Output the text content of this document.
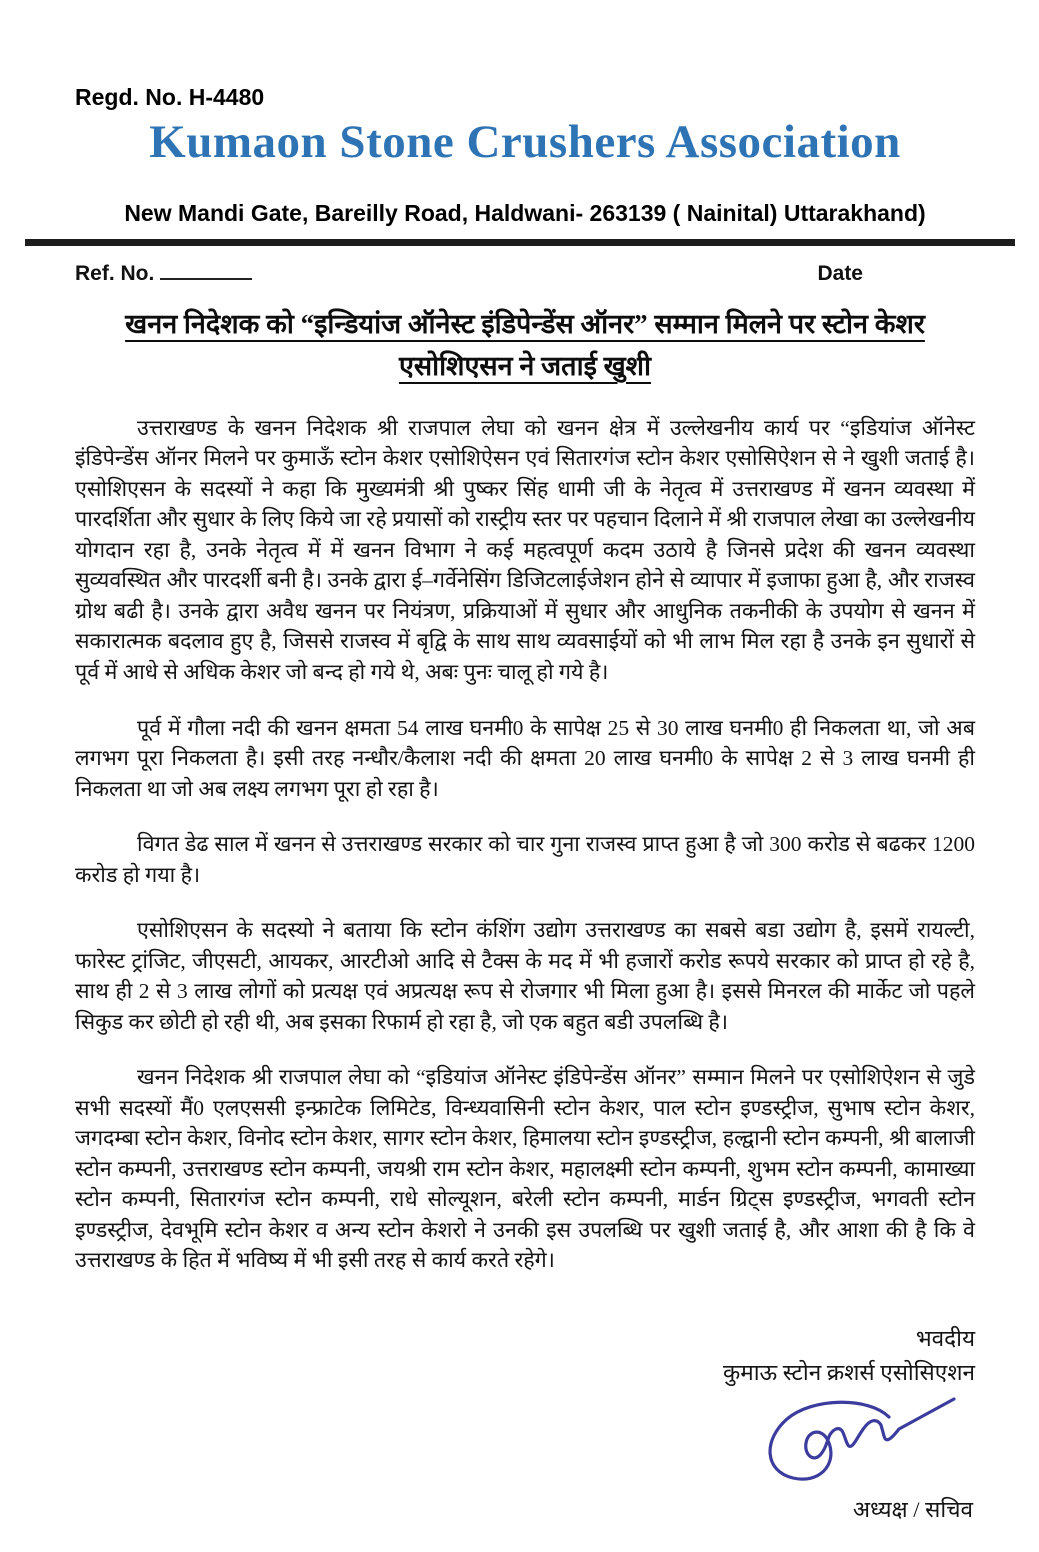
Regd. No. H-4480
Kumaon Stone Crushers Association
New Mandi Gate, Bareilly Road, Haldwani- 263139 ( Nainital) Uttarakhand)
Ref. No.	Date
खनन निदेशक को “इन्डियांज ऑनेस्ट इंडिपेन्डेंस ऑनर” सम्मान मिलने पर स्टोन केशर एसोशिएसन ने जताई खुशी

उत्तराखण्ड के खनन निदेशक श्री राजपाल लेघा को खनन क्षेत्र में उल्लेखनीय कार्य पर “इडियांज ऑनेस्ट इंडिपेन्डेंस ऑनर मिलने पर कुमाऊँ स्टोन केशर एसोशिऐसन एवं सितारगंज स्टोन केशर एसोसिऐशन से ने खुशी जताई है। एसोशिएसन के सदस्यों ने कहा कि मुख्यमंत्री श्री पुष्कर सिंह धामी जी के नेतृत्व में उत्तराखण्ड में खनन व्यवस्था में पारदर्शिता और सुधार के लिए किये जा रहे प्रयासों को रास्ट्रीय स्तर पर पहचान दिलाने में श्री राजपाल लेखा का उल्लेखनीय योगदान रहा है, उनके नेतृत्व में में खनन विभाग ने कई महत्वपूर्ण कदम उठाये है जिनसे प्रदेश की खनन व्यवस्था सुव्यवस्थित और पारदर्शी बनी है। उनके द्वारा ई–गर्वेनेसिंग डिजिटलाईजेशन होने से व्यापार में इजाफा हुआ है, और राजस्व ग्रोथ बढी है। उनके द्वारा अवैध खनन पर नियंत्रण, प्रक्रियाओं में सुधार और आधुनिक तकनीकी के उपयोग से खनन में सकारात्मक बदलाव हुए है, जिससे राजस्व में बृद्वि के साथ साथ व्यवसाईयों को भी लाभ मिल रहा है उनके इन सुधारों से पूर्व में आधे से अधिक केशर जो बन्द हो गये थे, अबः पुनः चालू हो गये है।

पूर्व में गौला नदी की खनन क्षमता 54 लाख घनमी0 के सापेक्ष 25 से 30 लाख घनमी0 ही निकलता था, जो अब लगभग पूरा निकलता है। इसी तरह नन्धौर/कैलाश नदी की क्षमता 20 लाख घनमी0 के सापेक्ष 2 से 3 लाख घनमी ही निकलता था जो अब लक्ष्य लगभग पूरा हो रहा है।

विगत डेढ साल में खनन से उत्तराखण्ड सरकार को चार गुना राजस्व प्राप्त हुआ है जो 300 करोड से बढकर 1200 करोड हो गया है।

एसोशिएसन के सदस्यो ने बताया कि स्टोन कंशिंग उद्योग उत्तराखण्ड का सबसे बडा उद्योग है, इसमें रायल्टी, फारेस्ट ट्रांजिट, जीएसटी, आयकर, आरटीओ आदि से टैक्स के मद में भी हजारों करोड रूपये सरकार को प्राप्त हो रहे है, साथ ही 2 से 3 लाख लोगों को प्रत्यक्ष एवं अप्रत्यक्ष रूप से रोजगार भी मिला हुआ है। इससे मिनरल की मार्केट जो पहले सिकुड कर छोटी हो रही थी, अब इसका रिफार्म हो रहा है, जो एक बहुत बडी उपलब्धि है।

खनन निदेशक श्री राजपाल लेघा को “इडियांज ऑनेस्ट इंडिपेन्डेंस ऑनर” सम्मान मिलने पर एसोशिऐशन से जुडे सभी सदस्यों मैं0 एलएससी इन्फ्राटेक लिमिटेड, विन्ध्यवासिनी स्टोन केशर, पाल स्टोन इण्डस्ट्रीज, सुभाष स्टोन केशर, जगदम्बा स्टोन केशर, विनोद स्टोन केशर, सागर स्टोन केशर, हिमालया स्टोन इण्डस्ट्रीज, हल्द्वानी स्टोन कम्पनी, श्री बालाजी स्टोन कम्पनी, उत्तराखण्ड स्टोन कम्पनी, जयश्री राम स्टोन केशर, महालक्ष्मी स्टोन कम्पनी, शुभम स्टोन कम्पनी, कामाख्या स्टोन कम्पनी, सितारगंज स्टोन कम्पनी, राधे सोल्यूशन, बरेली स्टोन कम्पनी, मार्डन ग्रिट्स इण्डस्ट्रीज, भगवती स्टोन इण्डस्ट्रीज, देवभूमि स्टोन केशर व अन्य स्टोन केशरो ने उनकी इस उपलब्धि पर खुशी जताई है, और आशा की है कि वे उत्तराखण्ड के हित में भविष्य में भी इसी तरह से कार्य करते रहेगे।

भवदीय
कुमाऊ स्टोन क्रशर्स एसोसिएशन
अध्यक्ष / सचिव
